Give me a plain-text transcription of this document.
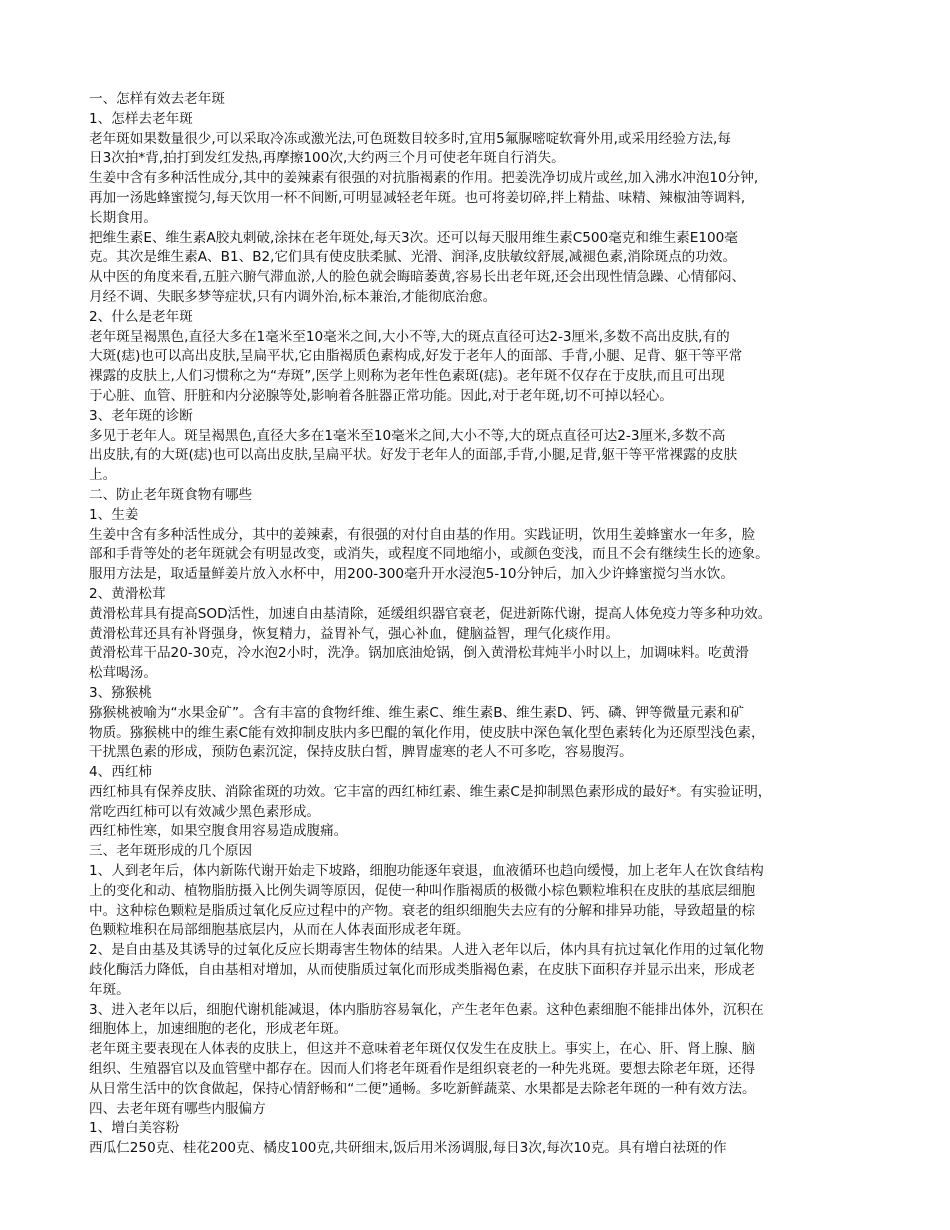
一、怎样有效去老年斑
1、怎样去老年斑
老年斑如果数量很少,可以采取冷冻或激光法,可色斑数目较多时,宜用5氟脲嘧啶软膏外用,或采用经验方法,每
日3次拍*背,拍打到发红发热,再摩擦100次,大约两三个月可使老年斑自行消失。
生姜中含有多种活性成分,其中的姜辣素有很强的对抗脂褐素的作用。把姜洗净切成片或丝,加入沸水冲泡10分钟,
再加一汤匙蜂蜜搅匀,每天饮用一杯不间断,可明显减轻老年斑。也可将姜切碎,拌上精盐、味精、辣椒油等调料,
长期食用。
把维生素E、维生素A胶丸刺破,涂抹在老年斑处,每天3次。还可以每天服用维生素C500毫克和维生素E100毫
克。其次是维生素A、B1、B2,它们具有使皮肤柔腻、光滑、润泽,皮肤敏纹舒展,减褪色素,消除斑点的功效。
从中医的角度来看,五脏六腑气滞血淤,人的脸色就会晦暗萎黄,容易长出老年斑,还会出现性情急躁、心情郁闷、
月经不调、失眠多梦等症状,只有内调外治,标本兼治,才能彻底治愈。
2、什么是老年斑
老年斑呈褐黑色,直径大多在1毫米至10毫米之间,大小不等,大的斑点直径可达2-3厘米,多数不高出皮肤,有的
大斑(痣)也可以高出皮肤,呈扁平状,它由脂褐质色素构成,好发于老年人的面部、手背,小腿、足背、躯干等平常
裸露的皮肤上,人们习惯称之为“寿斑”,医学上则称为老年性色素斑(痣)。老年斑不仅存在于皮肤,而且可出现
于心脏、血管、肝脏和内分泌腺等处,影响着各脏器正常功能。因此,对于老年斑,切不可掉以轻心。
3、老年斑的诊断
多见于老年人。斑呈褐黑色,直径大多在1毫米至10毫米之间,大小不等,大的斑点直径可达2-3厘米,多数不高
出皮肤,有的大斑(痣)也可以高出皮肤,呈扁平状。好发于老年人的面部,手背,小腿,足背,躯干等平常裸露的皮肤
上。
二、防止老年斑食物有哪些
1、生姜
生姜中含有多种活性成分，其中的姜辣素，有很强的对付自由基的作用。实践证明，饮用生姜蜂蜜水一年多，脸
部和手背等处的老年斑就会有明显改变，或消失，或程度不同地缩小，或颜色变浅，而且不会有继续生长的迹象。
服用方法是，取适量鲜姜片放入水杯中，用200-300毫升开水浸泡5-10分钟后，加入少许蜂蜜搅匀当水饮。
2、黄滑松茸
黄滑松茸具有提高SOD活性，加速自由基清除，延缓组织器官衰老，促进新陈代谢，提高人体免疫力等多种功效。
黄滑松茸还具有补肾强身，恢复精力，益胃补气，强心补血，健脑益智，理气化痰作用。
黄滑松茸干品20-30克，冷水泡2小时，洗净。锅加底油炝锅，倒入黄滑松茸炖半小时以上，加调味料。吃黄滑
松茸喝汤。
3、猕猴桃
猕猴桃被喻为“水果金矿”。含有丰富的食物纤维、维生素C、维生素B、维生素D、钙、磷、钾等微量元素和矿
物质。猕猴桃中的维生素C能有效抑制皮肤内多巴醌的氧化作用，使皮肤中深色氧化型色素转化为还原型浅色素，
干扰黑色素的形成，预防色素沉淀，保持皮肤白皙，脾胃虚寒的老人不可多吃，容易腹泻。
4、西红柿
西红柿具有保养皮肤、消除雀斑的功效。它丰富的西红柿红素、维生素C是抑制黑色素形成的最好*。有实验证明，
常吃西红柿可以有效减少黑色素形成。
西红柿性寒，如果空腹食用容易造成腹痛。
三、老年斑形成的几个原因
1、人到老年后，体内新陈代谢开始走下坡路，细胞功能逐年衰退，血液循环也趋向缓慢，加上老年人在饮食结构
上的变化和动、植物脂肪摄入比例失调等原因，促使一种叫作脂褐质的极微小棕色颗粒堆积在皮肤的基底层细胞
中。这种棕色颗粒是脂质过氧化反应过程中的产物。衰老的组织细胞失去应有的分解和排异功能，导致超量的棕
色颗粒堆积在局部细胞基底层内，从而在人体表面形成老年斑。
2、是自由基及其诱导的过氧化反应长期毒害生物体的结果。人进入老年以后，体内具有抗过氧化作用的过氧化物
歧化酶活力降低，自由基相对增加，从而使脂质过氧化而形成类脂褐色素，在皮肤下面积存并显示出来，形成老
年斑。
3、进入老年以后，细胞代谢机能减退，体内脂肪容易氧化，产生老年色素。这种色素细胞不能排出体外，沉积在
细胞体上，加速细胞的老化，形成老年斑。
老年斑主要表现在人体表的皮肤上，但这并不意味着老年斑仅仅发生在皮肤上。事实上，在心、肝、肾上腺、脑
组织、生殖器官以及血管壁中都存在。因而人们将老年斑看作是组织衰老的一种先兆斑。要想去除老年斑，还得
从日常生活中的饮食做起，保持心情舒畅和“二便”通畅。多吃新鲜蔬菜、水果都是去除老年斑的一种有效方法。
四、去老年斑有哪些内服偏方
1、增白美容粉
西瓜仁250克、桂花200克、橘皮100克,共研细末,饭后用米汤调服,每日3次,每次10克。具有增白祛斑的作
